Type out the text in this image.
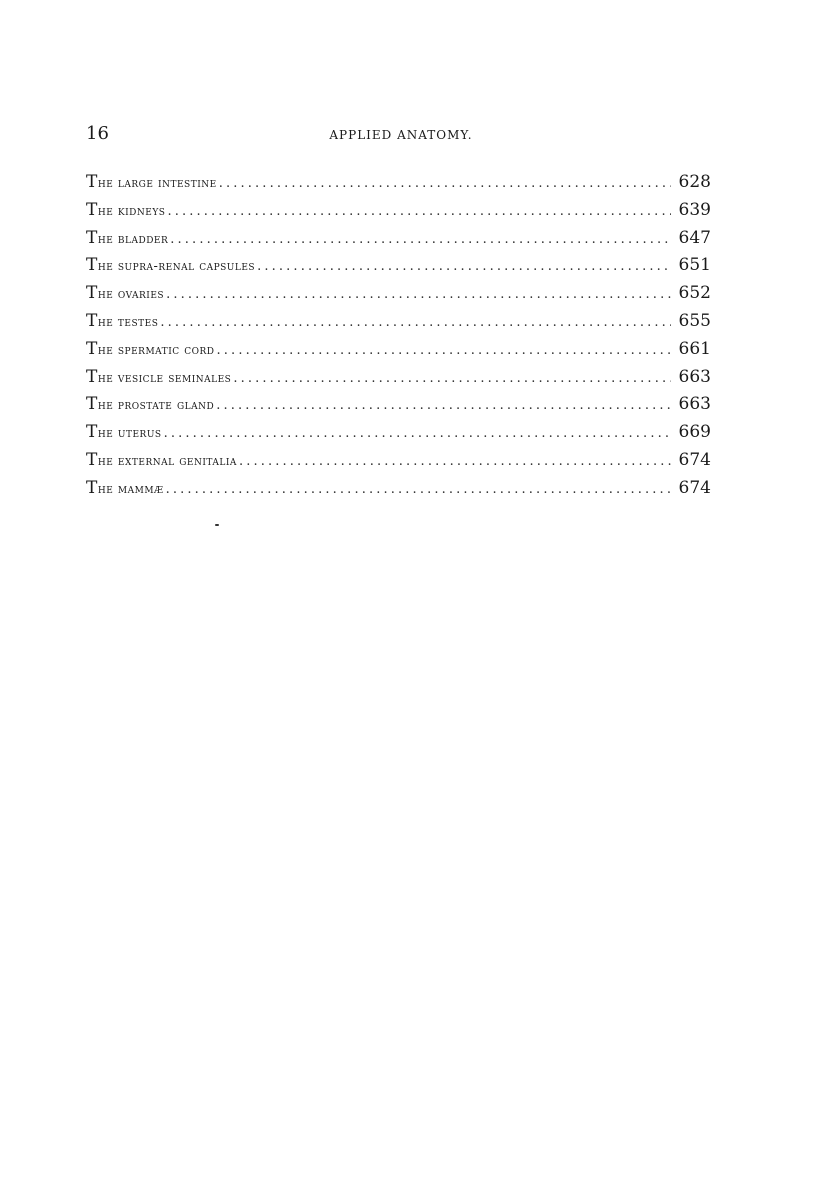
16	APPLIED ANATOMY.
The large intestine . . .	628
The kidneys . . .	639
The bladder . . .	647
The supra-renal capsules . . .	651
The ovaries . . .	652
The testes . . .	655
The spermatic cord . . .	661
The vesicle seminales . . .	663
The prostate gland . . .	663
The uterus . . .	669
The external genitalia . . .	674
The mammæ . . .	674
